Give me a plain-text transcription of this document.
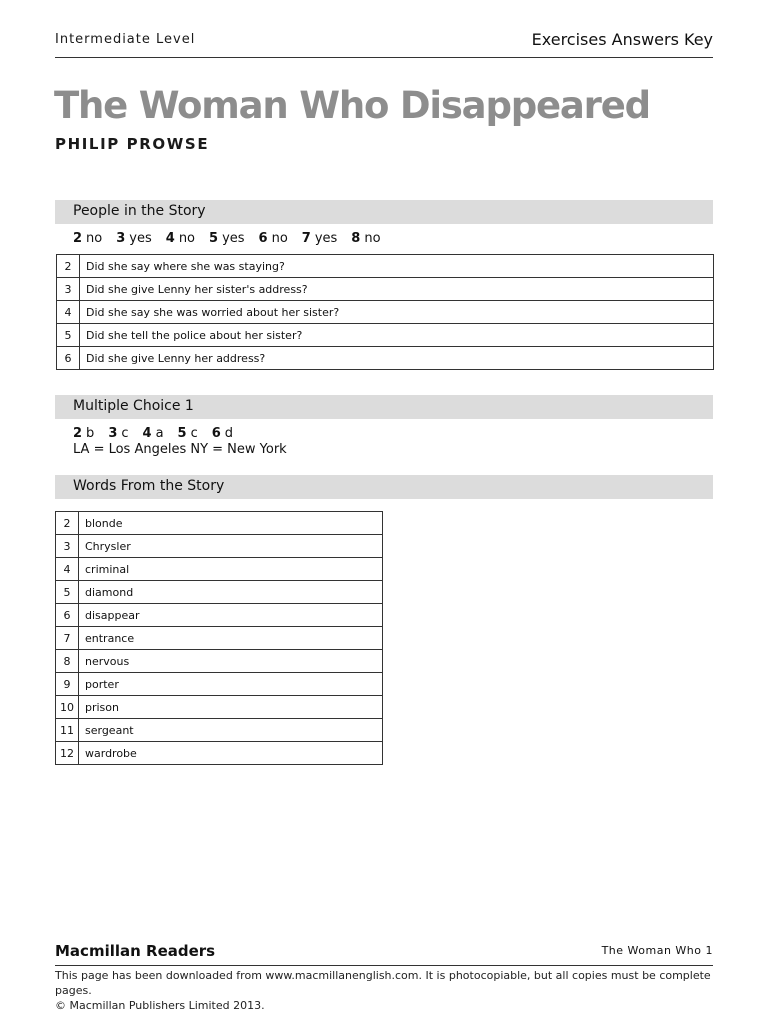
Intermediate Level	Exercises Answers Key
The Woman Who Disappeared
PHILIP PROWSE
People in the Story
2 no 3 yes 4 no 5 yes 6 no 7 yes 8 no
2	Did she say where she was staying?
3	Did she give Lenny her sister's address?
4	Did she say she was worried about her sister?
5	Did she tell the police about her sister?
6	Did she give Lenny her address?
Multiple Choice 1
2 b 3 c 4 a 5 c 6 d
LA = Los Angeles NY = New York
Words From the Story
2	blonde
3	Chrysler
4	criminal
5	diamond
6	disappear
7	entrance
8	nervous
9	porter
10	prison
11	sergeant
12	wardrobe
Macmillan Readers	The Woman Who 1
This page has been downloaded from www.macmillanenglish.com. It is photocopiable, but all copies must be complete pages.
© Macmillan Publishers Limited 2013.
